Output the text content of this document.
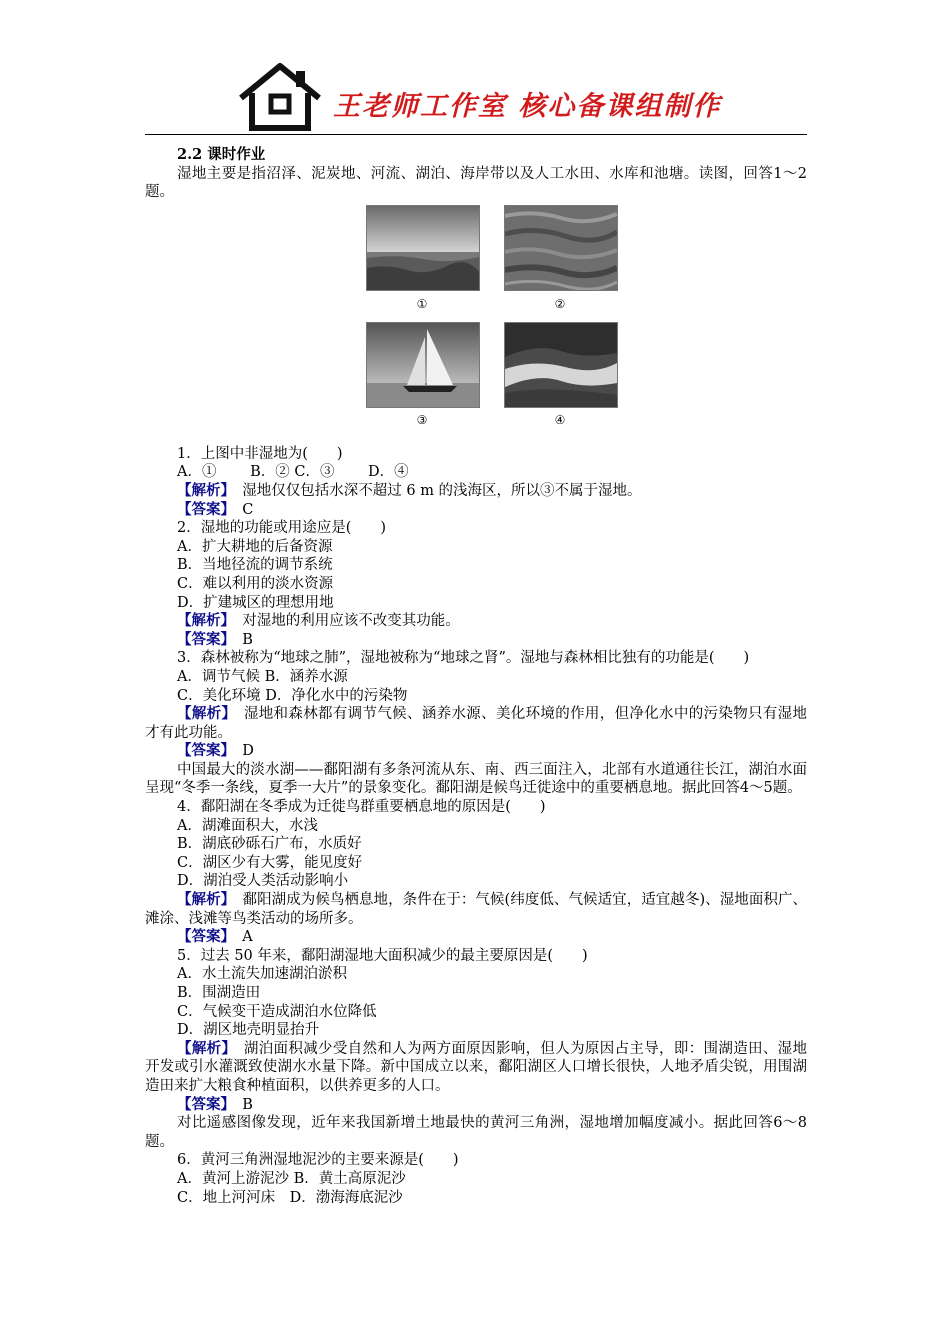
王老师工作室 核心备课组制作

2.2 课时作业

湿地主要是指沼泽、泥炭地、河流、湖泊、海岸带以及人工水田、水库和池塘。读图，回答1～2题。

①	②
③	④

1．上图中非湿地为(　　)

A．①　　 B．② C．③　　 D．④

【解析】　 湿地仅仅包括水深不超过 6 m 的浅海区，所以③不属于湿地。

【答案】　 C

2．湿地的功能或用途应是(　　)

A．扩大耕地的后备资源

B．当地径流的调节系统

C．难以利用的淡水资源

D．扩建城区的理想用地

【解析】　 对湿地的利用应该不改变其功能。

【答案】　 B

3．森林被称为“地球之肺”，湿地被称为“地球之肾”。湿地与森林相比独有的功能是(　　)

A．调节气候 B．涵养水源

C．美化环境 D．净化水中的污染物

【解析】　 湿地和森林都有调节气候、涵养水源、美化环境的作用，但净化水中的污染物只有湿地才有此功能。

【答案】　 D

中国最大的淡水湖——鄱阳湖有多条河流从东、南、西三面注入，北部有水道通往长江，湖泊水面呈现“冬季一条线，夏季一大片”的景象变化。鄱阳湖是候鸟迁徙途中的重要栖息地。据此回答4～5题。

4．鄱阳湖在冬季成为迁徙鸟群重要栖息地的原因是(　　)

A．湖滩面积大，水浅

B．湖底砂砾石广布，水质好

C．湖区少有大雾，能见度好

D．湖泊受人类活动影响小

【解析】　 鄱阳湖成为候鸟栖息地，条件在于：气候(纬度低、气候适宜，适宜越冬)、湿地面积广、滩涂、浅滩等鸟类活动的场所多。

【答案】　 A

5．过去 50 年来，鄱阳湖湿地大面积减少的最主要原因是(　　)

A．水土流失加速湖泊淤积

B．围湖造田

C．气候变干造成湖泊水位降低

D．湖区地壳明显抬升

【解析】　 湖泊面积减少受自然和人为两方面原因影响，但人为原因占主导，即：围湖造田、湿地开发或引水灌溉致使湖水水量下降。新中国成立以来，鄱阳湖区人口增长很快，人地矛盾尖锐，用围湖造田来扩大粮食种植面积，以供养更多的人口。

【答案】　 B

对比遥感图像发现，近年来我国新增土地最快的黄河三角洲，湿地增加幅度减小。据此回答6～8题。

6．黄河三角洲湿地泥沙的主要来源是(　　)

A．黄河上游泥沙 B．黄土高原泥沙

C．地上河河床　D．渤海海底泥沙
